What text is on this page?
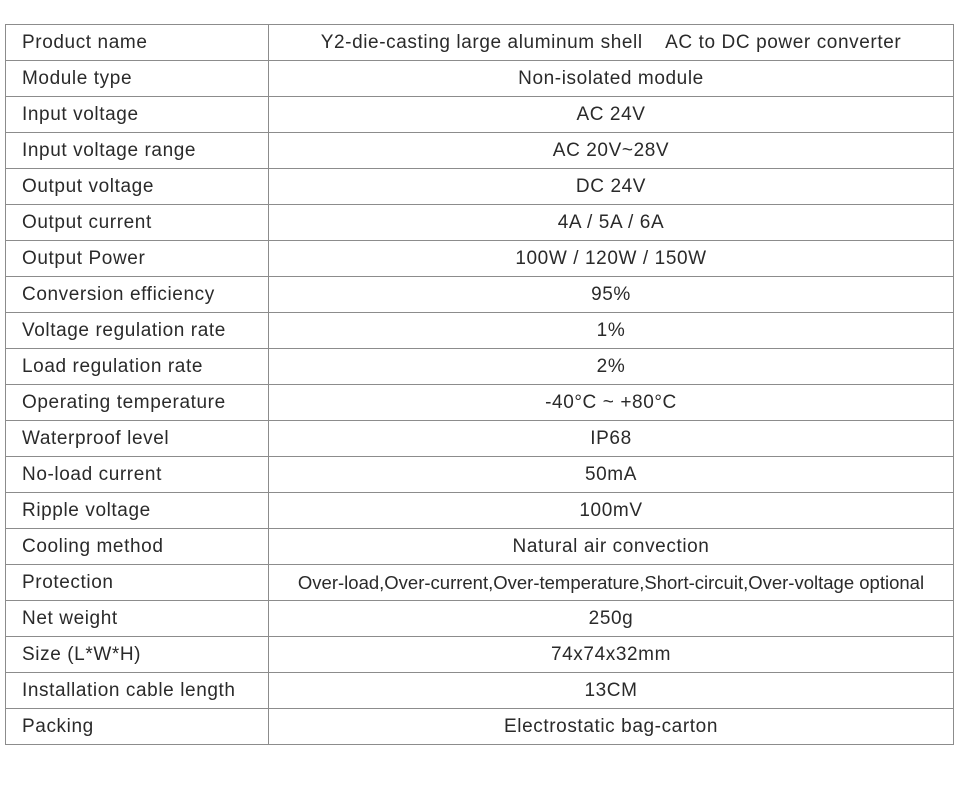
Product name	Y2-die-casting large aluminum shell    AC to DC power converter
Module type	Non-isolated module
Input voltage	AC 24V
Input voltage range	AC 20V~28V
Output voltage	DC 24V
Output current	4A / 5A / 6A
Output Power	100W / 120W / 150W
Conversion efficiency	95%
Voltage regulation rate	1%
Load regulation rate	2%
Operating temperature	-40°C ~ +80°C
Waterproof level	IP68
No-load current	50mA
Ripple voltage	100mV
Cooling method	Natural air convection
Protection	Over-load,Over-current,Over-temperature,Short-circuit,Over-voltage optional
Net weight	250g
Size (L*W*H)	74x74x32mm
Installation cable length	13CM
Packing	Electrostatic bag-carton
